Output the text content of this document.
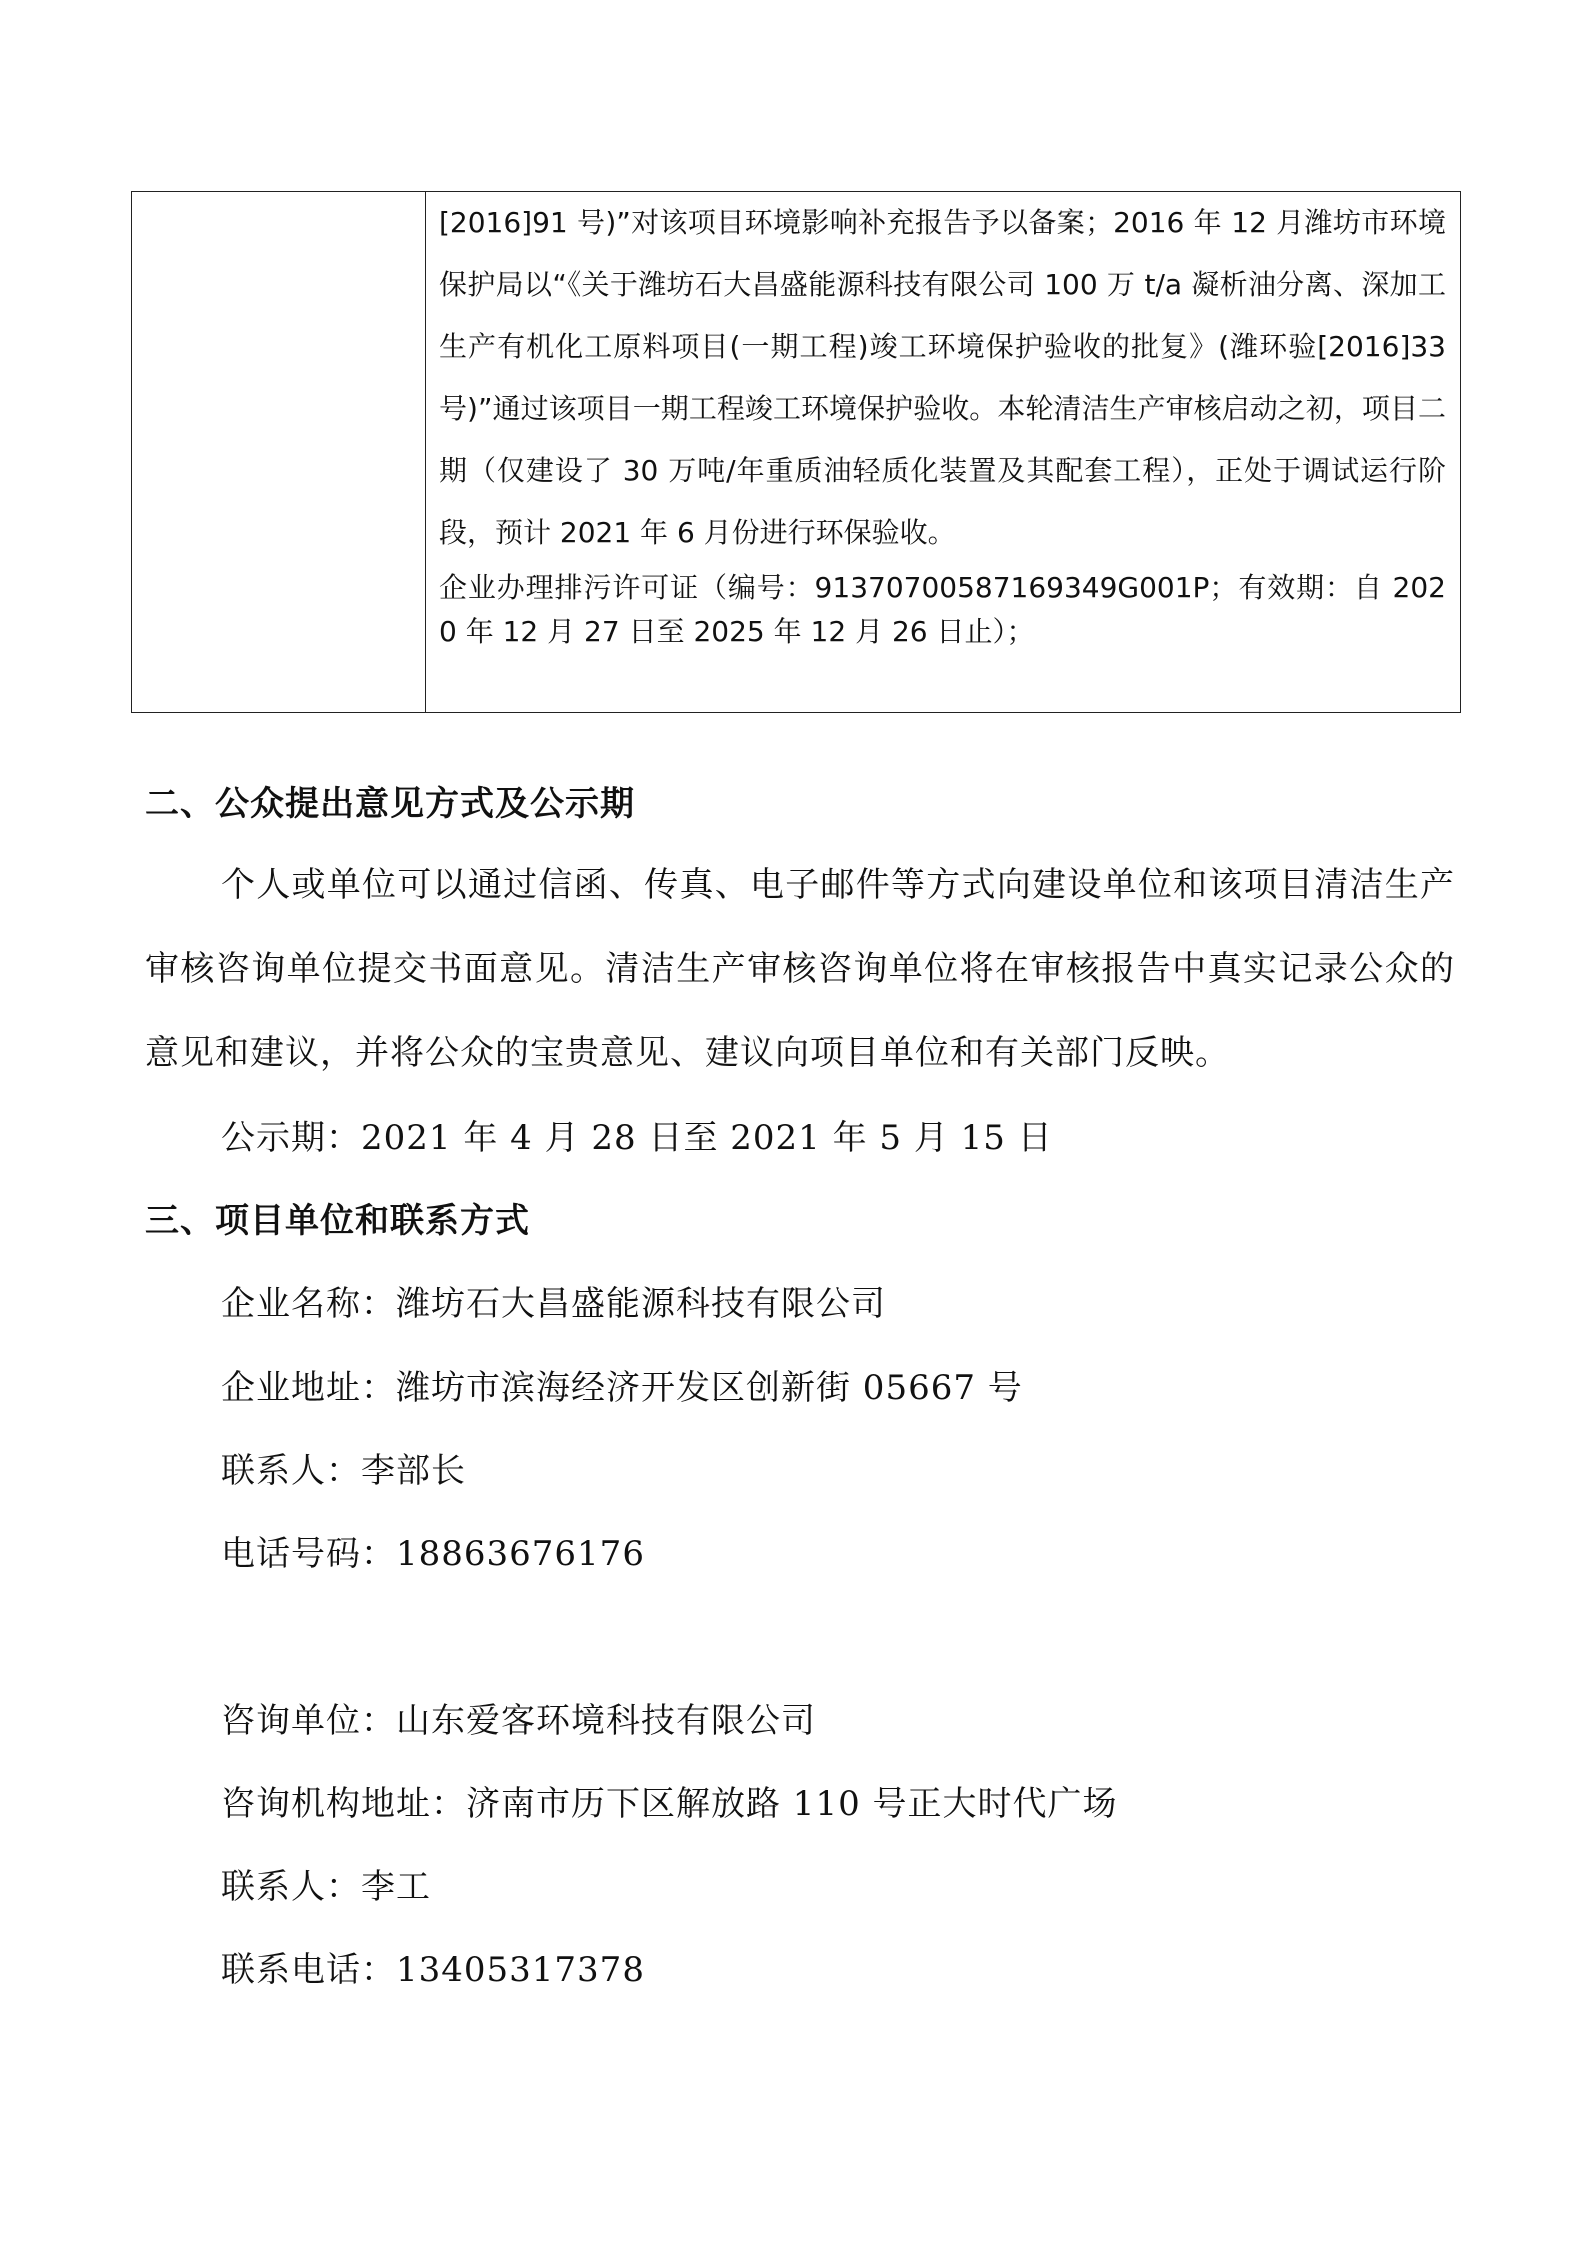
[2016]91 号)”对该项目环境影响补充报告予以备案；2016 年 12 月潍坊市环境保护局以“《关于潍坊石大昌盛能源科技有限公司 100 万 t/a 凝析油分离、深加工生产有机化工原料项目(一期工程)竣工环境保护验收的批复》(潍环验[2016]33 号)”通过该项目一期工程竣工环境保护验收。本轮清洁生产审核启动之初，项目二期（仅建设了 30 万吨/年重质油轻质化装置及其配套工程），正处于调试运行阶段，预计 2021 年 6 月份进行环保验收。

企业办理排污许可证（编号：91370700587169349G001P；有效期：自 2020 年 12 月 27 日至 2025 年 12 月 26 日止）；

二、公众提出意见方式及公示期

个人或单位可以通过信函、传真、电子邮件等方式向建设单位和该项目清洁生产审核咨询单位提交书面意见。清洁生产审核咨询单位将在审核报告中真实记录公众的意见和建议，并将公众的宝贵意见、建议向项目单位和有关部门反映。

公示期：2021 年 4 月 28 日至 2021 年 5 月 15 日
三、项目单位和联系方式
企业名称：潍坊石大昌盛能源科技有限公司
企业地址：潍坊市滨海经济开发区创新街 05667 号
联系人：李部长
电话号码：18863676176
咨询单位：山东爱客环境科技有限公司
咨询机构地址：济南市历下区解放路 110 号正大时代广场
联系人：李工
联系电话：13405317378
